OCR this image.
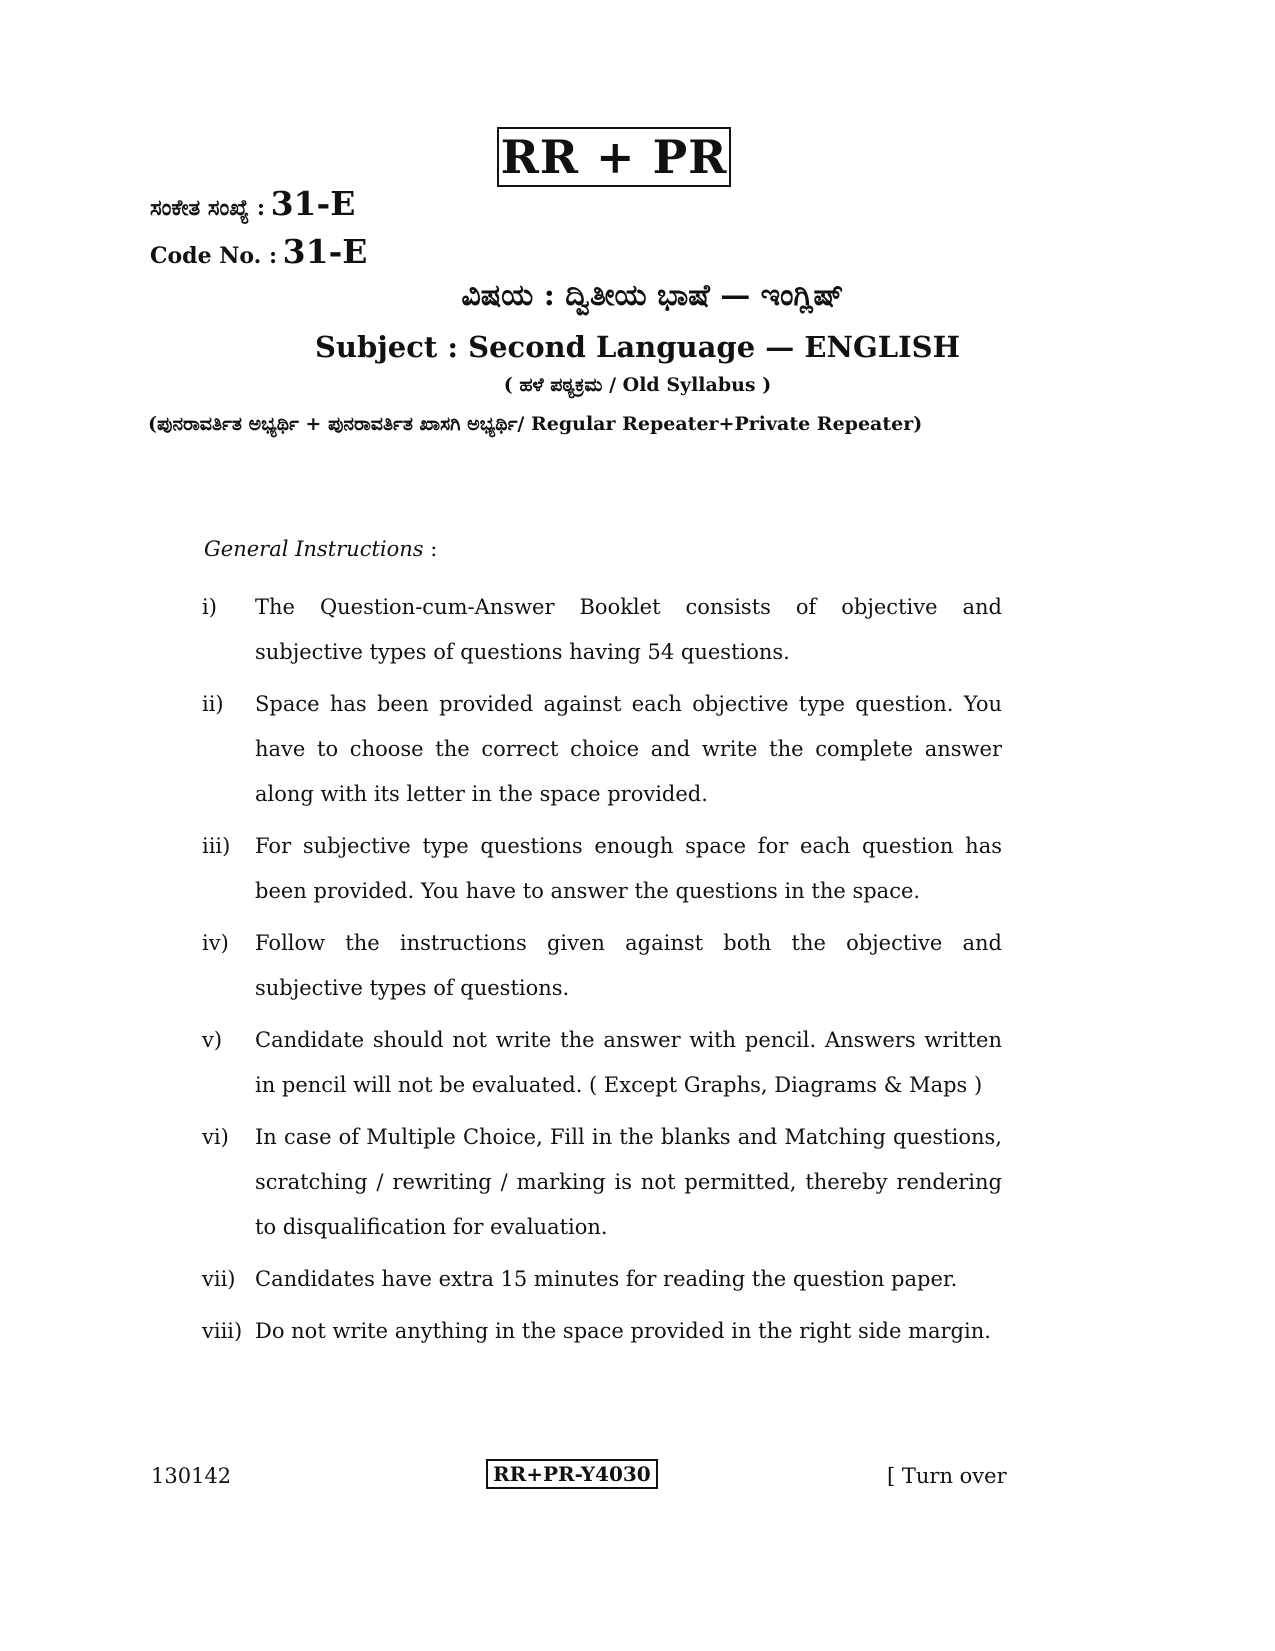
RR + PR
ಸಂಕೇತ ಸಂಖ್ಯೆ : 31-E
Code No. : 31-E
ವಿಷಯ : ದ್ವಿತೀಯ ಭಾಷೆ — ಇಂಗ್ಲಿಷ್
Subject : Second Language — ENGLISH
( ಹಳೆ ಪಠ್ಯಕ್ರಮ / Old Syllabus )
(ಪುನರಾವರ್ತಿತ ಅಭ್ಯರ್ಥಿ + ಪುನರಾವರ್ತಿತ ಖಾಸಗಿ ಅಭ್ಯರ್ಥಿ/ Regular Repeater+Private Repeater)
General Instructions :
i)	The Question-cum-Answer Booklet consists of objective and subjective types of questions having 54 questions.
ii)	Space has been provided against each objective type question. You have to choose the correct choice and write the complete answer along with its letter in the space provided.
iii)	For subjective type questions enough space for each question has been provided. You have to answer the questions in the space.
iv)	Follow the instructions given against both the objective and subjective types of questions.
v)	Candidate should not write the answer with pencil. Answers written in pencil will not be evaluated. ( Except Graphs, Diagrams & Maps )
vi)	In case of Multiple Choice, Fill in the blanks and Matching questions, scratching / rewriting / marking is not permitted, thereby rendering to disqualification for evaluation.
vii) Candidates have extra 15 minutes for reading the question paper.
viii) Do not write anything in the space provided in the right side margin.
130142	RR+PR-Y4030	[ Turn over
